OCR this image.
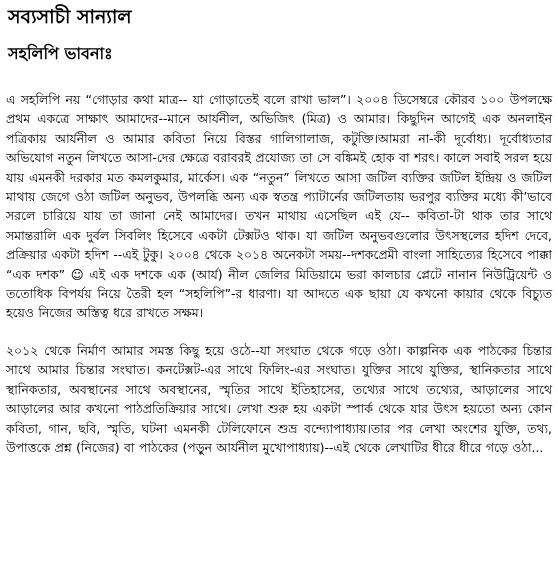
সব্যসাচী সান্যাল
সহলিপি ভাবনাঃ

এ সহলিপি নয় “গোড়ার কথা মাত্র-- যা গোড়াতেই বলে রাখা ভাল”। ২০০৪ ডিসেম্বরে কৌরব ১০০ উপলক্ষে প্রথম একত্রে সাক্ষাৎ আমাদের--মানে আর্যনীল, অভিজিৎ (মিত্র) ও আমার। কিছুদিন আগেই এক অনলাইন পত্রিকায় আর্যনীল ও আমার কবিতা নিয়ে বিস্তর গালিগালাজ, কটুক্তি।আমরা না-কী দূর্বোধ্য। দূর্বোধ্যতার অভিযোগ নতুন লিখতে আসা-দের ক্ষেত্রে বরাবরই প্রযোজ্য তা সে বঙ্কিমই হোক বা শরৎ। কালে সবাই সরল হয়ে যায় এমনকী দরকার মত কমলকুমার, মার্কেস। এক “নতুন” লিখতে আসা জটিল ব্যক্তির জটিল ইন্দ্রিয় ও জটিল মাথায় জেগে ওঠা জটিল অনুভব, উপলব্ধি অন্য এক স্বতন্ত্র প্যাটার্নের জটিলতায় ভরপুর ব্যক্তির মধ্যে কী’ভাবে সরলে চারিয়ে যায় তা জানা নেই আমাদের। তখন মাথায় এসেছিল এই যে-- কবিতা-টা থাক তার সাথে সমান্তরালি এক দুর্বল সিবলিং হিসেবে একটা টেক্সটও থাক। যা জটিল অনুভবগুলোর উৎসস্থলের হদিশ দেবে, প্রক্রিয়ার একটা হদিশ --এই টুকু। ২০০৪ থেকে ২০১৪ অনেকটা সময়--দশকপ্রেমী বাংলা সাহিত্যের হিসেবে পাক্কা “এক দশক” ☺ এই এক দশকে এক (আর্য) নীল জেলির মিডিয়ামে ভরা কালচার প্লেটে নানান নিউট্রিয়েন্ট ও ততোধিক বিপর্যয় নিয়ে তৈরী হল “সহলিপি”-র ধারণা। যা আদতে এক ছায়া যে কখনো কায়ার থেকে বিচ্যুত হয়েও নিজের অস্তিত্ব ধরে রাখতে সক্ষম।

২০১২ থেকে নির্মাণ আমার সমস্ত কিছু হয়ে ওঠে--যা সংঘাত থেকে গড়ে ওঠা। কাল্পনিক এক পাঠকের চিন্তার সাথে আমার চিন্তার সংঘাত। কনটেক্সট-এর সাথে ফিলিং-এর সংঘাত। যুক্তির সাথে যুক্তির, স্থানিকতার সাথে স্থানিকতার, অবস্থানের সাথে অবস্থানের, স্মৃতির সাথে ইতিহাসের, তথ্যের সাথে তথ্যের, আড়ালের সাথে আড়ালের আর কখনো পাঠপ্রতিক্রিয়ার সাথে। লেখা শুরু হয় একটা স্পার্ক থেকে যার উৎস হয়তো অন্য কোন কবিতা, গান, ছবি, স্মৃতি, ঘটনা এমনকী টেলিফোনে শুভ্র বন্দ্যোপাধ্যায়।তার পর লেখা অংশের যুক্তি, তথ্য, উপাত্তকে প্রশ্ন (নিজের) বা পাঠকের (পড়ুন আর্যনীল মুখোপাধ্যায়)--এই থেকে লেখাটির ধীরে ধীরে গড়ে ওঠা...
